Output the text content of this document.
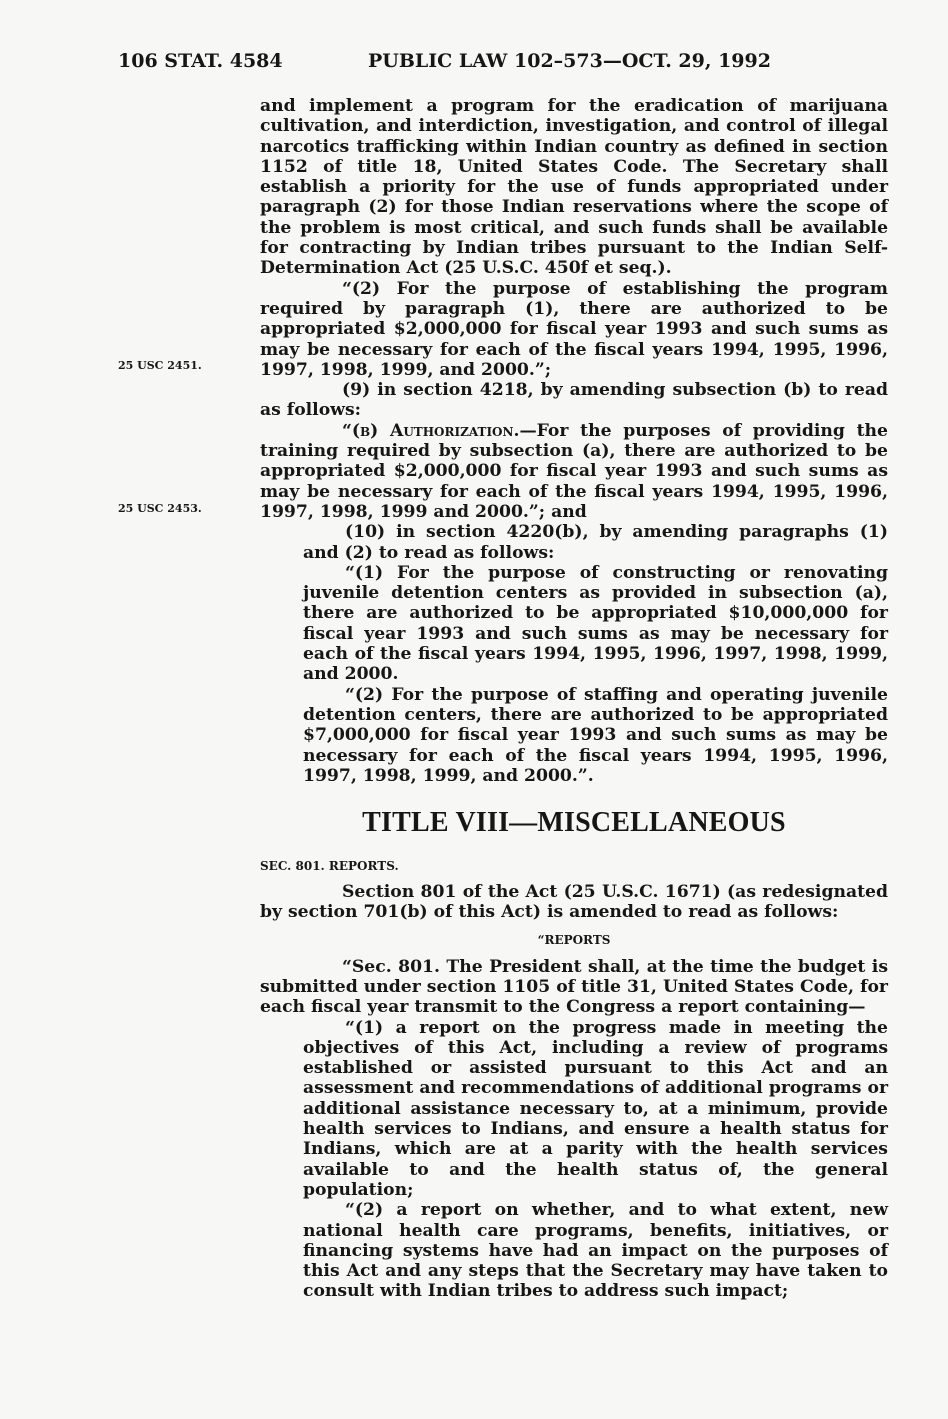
106 STAT. 4584	PUBLIC LAW 102–573—OCT. 29, 1992
25 USC 2451.
25 USC 2453.

and implement a program for the eradication of marijuana cultivation, and interdiction, investigation, and control of illegal narcotics trafficking within Indian country as defined in section 1152 of title 18, United States Code. The Secretary shall establish a priority for the use of funds appropriated under paragraph (2) for those Indian reservations where the scope of the problem is most critical, and such funds shall be available for contracting by Indian tribes pursuant to the Indian Self-Determination Act (25 U.S.C. 450f et seq.).

“(2) For the purpose of establishing the program required by paragraph (1), there are authorized to be appropriated $2,000,000 for fiscal year 1993 and such sums as may be necessary for each of the fiscal years 1994, 1995, 1996, 1997, 1998, 1999, and 2000.”;

(9) in section 4218, by amending subsection (b) to read as follows:

“(b) Authorization.—For the purposes of providing the training required by subsection (a), there are authorized to be appropriated $2,000,000 for fiscal year 1993 and such sums as may be necessary for each of the fiscal years 1994, 1995, 1996, 1997, 1998, 1999 and 2000.”; and

(10) in section 4220(b), by amending paragraphs (1) and (2) to read as follows:

“(1) For the purpose of constructing or renovating juvenile detention centers as provided in subsection (a), there are authorized to be appropriated $10,000,000 for fiscal year 1993 and such sums as may be necessary for each of the fiscal years 1994, 1995, 1996, 1997, 1998, 1999, and 2000.

“(2) For the purpose of staffing and operating juvenile detention centers, there are authorized to be appropriated $7,000,000 for fiscal year 1993 and such sums as may be necessary for each of the fiscal years 1994, 1995, 1996, 1997, 1998, 1999, and 2000.”.

TITLE VIII—MISCELLANEOUS
SEC. 801. REPORTS.

Section 801 of the Act (25 U.S.C. 1671) (as redesignated by section 701(b) of this Act) is amended to read as follows:

“REPORTS

“Sec. 801. The President shall, at the time the budget is submitted under section 1105 of title 31, United States Code, for each fiscal year transmit to the Congress a report containing—

“(1) a report on the progress made in meeting the objectives of this Act, including a review of programs established or assisted pursuant to this Act and an assessment and recommendations of additional programs or additional assistance necessary to, at a minimum, provide health services to Indians, and ensure a health status for Indians, which are at a parity with the health services available to and the health status of, the general population;

“(2) a report on whether, and to what extent, new national health care programs, benefits, initiatives, or financing systems have had an impact on the purposes of this Act and any steps that the Secretary may have taken to consult with Indian tribes to address such impact;
